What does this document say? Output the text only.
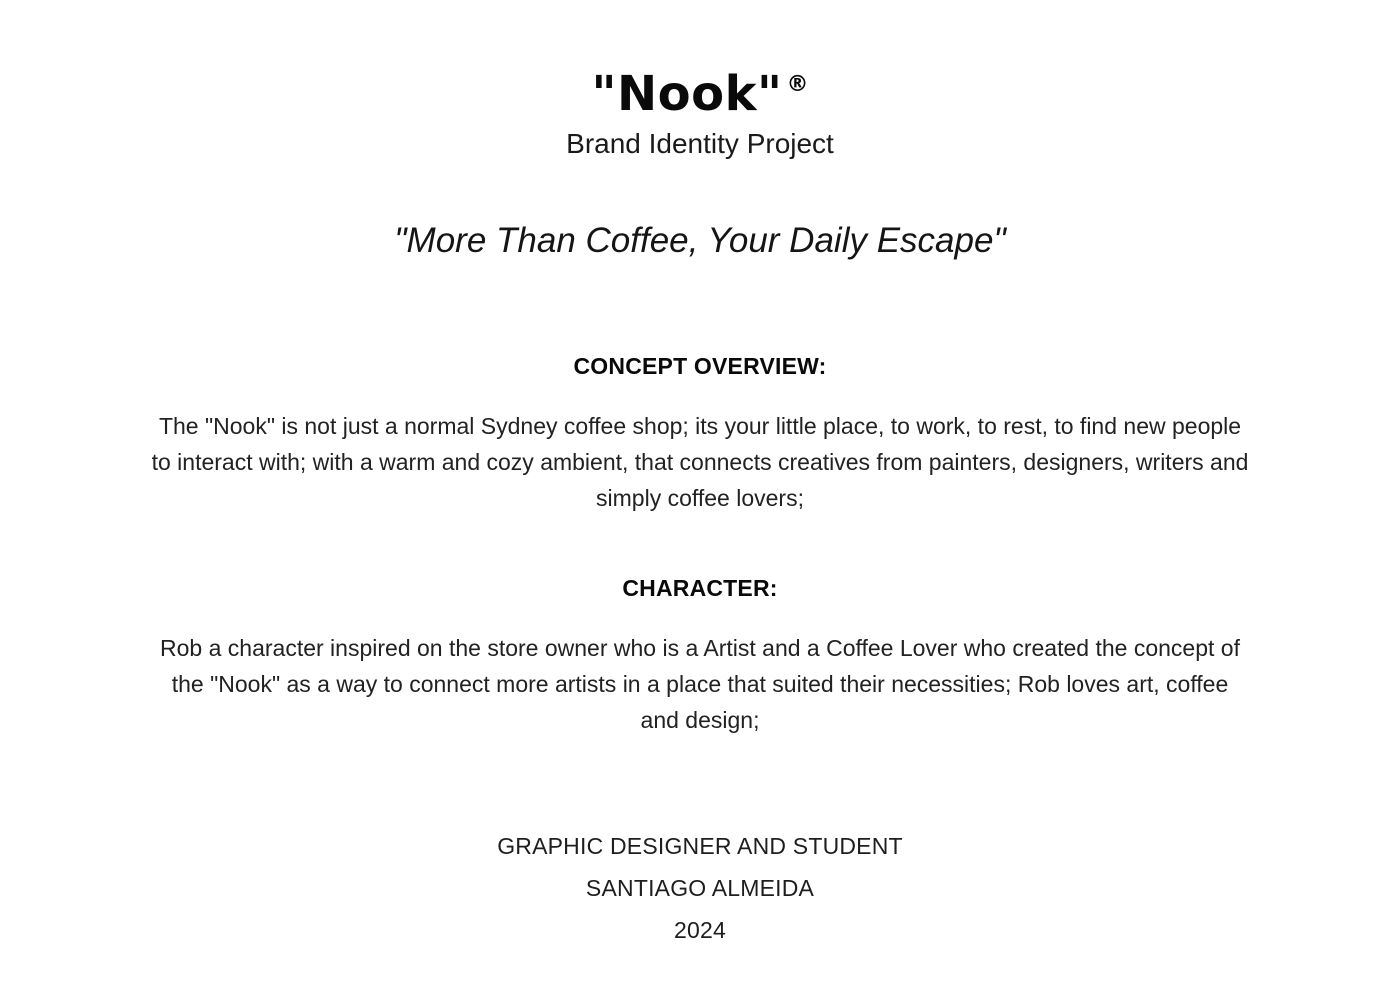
"Nook" ®
Brand Identity Project
"More Than Coffee, Your Daily Escape"
CONCEPT OVERVIEW:
The "Nook" is not just a normal Sydney coffee shop; its your little place, to work, to rest, to find new people to interact with; with a warm and cozy ambient, that connects creatives from painters, designers, writers and simply coffee lovers;
CHARACTER:
Rob a character inspired on the store owner who is a Artist and a Coffee Lover who created the concept of the "Nook" as a way to connect more artists in a place that suited their necessities; Rob loves art, coffee and design;
GRAPHIC DESIGNER AND STUDENT
SANTIAGO ALMEIDA
2024
